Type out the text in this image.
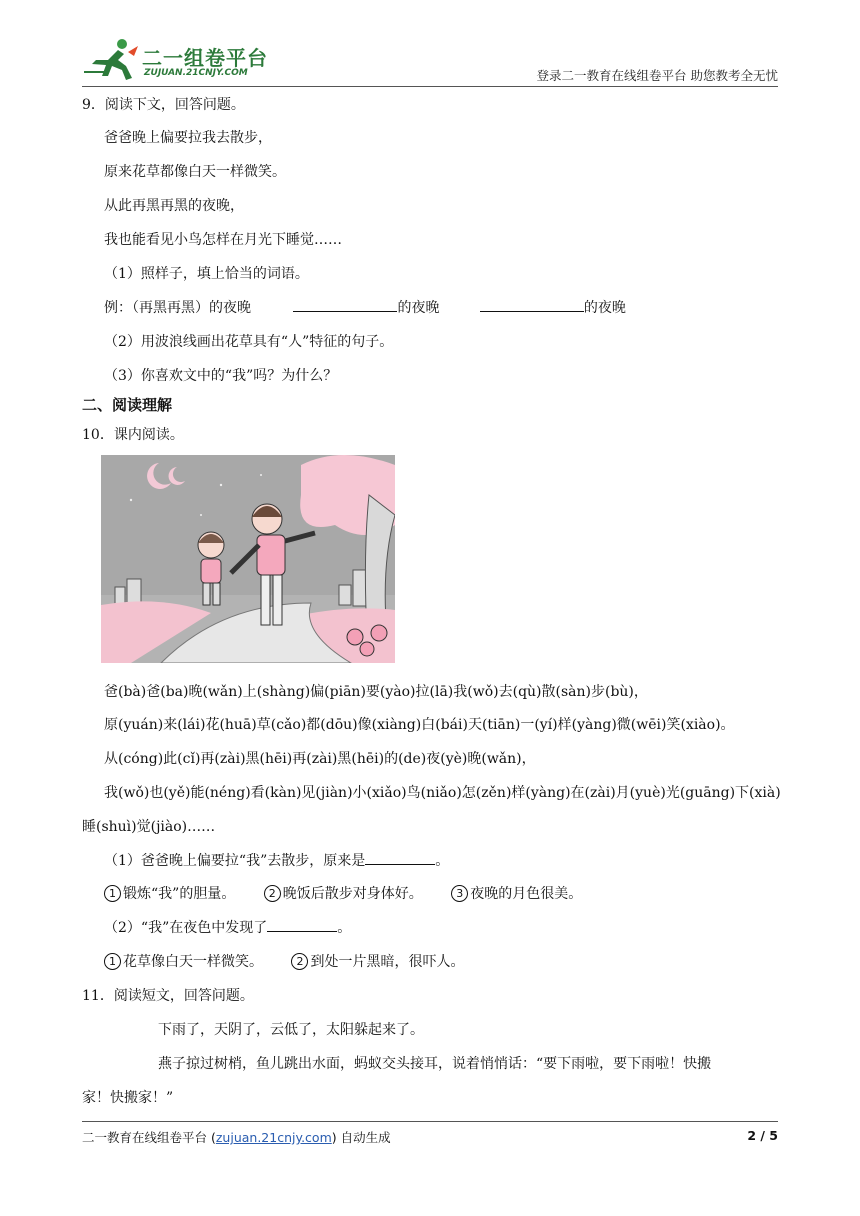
二一组卷平台
ZUJUAN.21CNJY.COM	登录二一教育在线组卷平台 助您教考全无忧
9．阅读下文，回答问题。
爸爸晚上偏要拉我去散步，
原来花草都像白天一样微笑。
从此再黑再黑的夜晚，
我也能看见小鸟怎样在月光下睡觉……
（1）照样子，填上恰当的词语。
例：（再黑再黑）的夜晚	的夜晚	的夜晚
（2）用波浪线画出花草具有“人”特征的句子。
（3）你喜欢文中的“我”吗？为什么？
二、阅读理解
10．课内阅读。
爸(bà)爸(ba)晚(wǎn)上(shàng)偏(piān)要(yào)拉(lā)我(wǒ)去(qù)散(sàn)步(bù)，
原(yuán)来(lái)花(huā)草(cǎo)都(dōu)像(xiàng)白(bái)天(tiān)一(yí)样(yàng)微(wēi)笑(xiào)。
从(cóng)此(cǐ)再(zài)黑(hēi)再(zài)黑(hēi)的(de)夜(yè)晚(wǎn)，
我(wǒ)也(yě)能(néng)看(kàn)见(jiàn)小(xiǎo)鸟(niǎo)怎(zěn)样(yàng)在(zài)月(yuè)光(guāng)下(xià)
睡(shuì)觉(jiào)……
（1）爸爸晚上偏要拉“我”去散步，原来是	。
1 锻炼“我”的胆量。	2 晚饭后散步对身体好。	3 夜晚的月色很美。
（2）“我”在夜色中发现了	。
1 花草像白天一样微笑。	2 到处一片黑暗，很吓人。
11．阅读短文，回答问题。
下雨了，天阴了，云低了，太阳躲起来了。
燕子掠过树梢，鱼儿跳出水面，蚂蚁交头接耳，说着悄悄话：“要下雨啦，要下雨啦！快搬
家！快搬家！”
二一教育在线组卷平台 (zujuan.21cnjy.com) 自动生成	2 / 5
